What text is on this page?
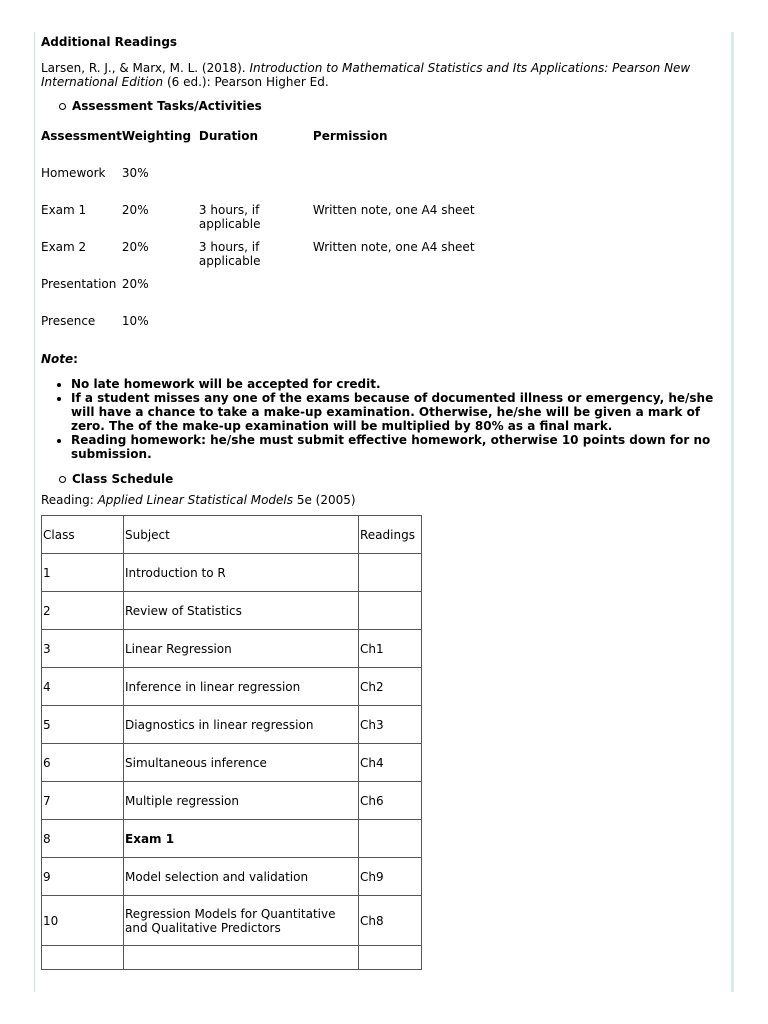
Additional Readings

Larsen, R. J., & Marx, M. L. (2018). Introduction to Mathematical Statistics and Its Applications: Pearson New International Edition (6 ed.): Pearson Higher Ed.
Assessment Tasks/Activities
Assessment	Weighting	Duration	Permission
Homework	30%		
Exam 1	20%	3 hours, if applicable	Written note, one A4 sheet
Exam 2	20%	3 hours, if applicable	Written note, one A4 sheet
Presentation	20%		
Presence	10%		
Note:
• No late homework will be accepted for credit.
• If a student misses any one of the exams because of documented illness or emergency, he/she will have a chance to take a make-up examination. Otherwise, he/she will be given a mark of zero. The of the make-up examination will be multiplied by 80% as a final mark.
• Reading homework: he/she must submit effective homework, otherwise 10 points down for no submission.
Class Schedule
Reading: Applied Linear Statistical Models 5e (2005)
Class	Subject	Readings
1	Introduction to R	
2	Review of Statistics	
3	Linear Regression	Ch1
4	Inference in linear regression	Ch2
5	Diagnostics in linear regression	Ch3
6	Simultaneous inference	Ch4
7	Multiple regression	Ch6
8	Exam 1	
9	Model selection and validation	Ch9
10	Regression Models for Quantitative and Qualitative Predictors	Ch8
